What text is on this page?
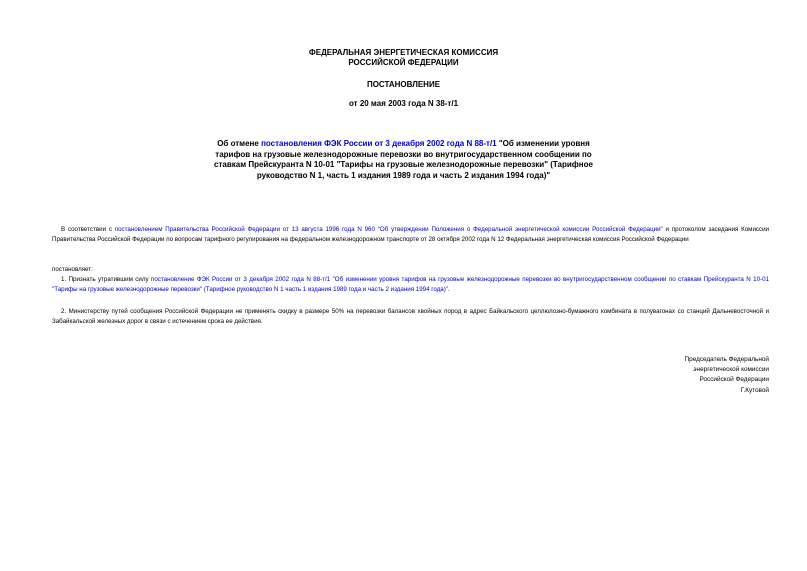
ФЕДЕРАЛЬНАЯ ЭНЕРГЕТИЧЕСКАЯ КОМИССИЯ
РОССИЙСКОЙ ФЕДЕРАЦИИ
ПОСТАНОВЛЕНИЕ
от 20 мая 2003 года N 38-т/1
Об отмене постановления ФЭК России от 3 декабря 2002 года N 88-т/1 "Об изменении уровня тарифов на грузовые железнодорожные перевозки во внутригосударственном сообщении по ставкам Прейскуранта N 10-01 "Тарифы на грузовые железнодорожные перевозки" (Тарифное руководство N 1, часть 1 издания 1989 года и часть 2 издания 1994 года)"
В соответствии с постановлением Правительства Российской Федерации от 13 августа 1996 года N 960 "Об утверждении Положения о Федеральной энергетической комиссии Российской Федерации" и протоколом заседания Комиссии Правительства Российской Федерации по вопросам тарифного регулирования на федеральном железнодорожном транспорте от 28 октября 2002 года N 12 Федеральная энергетическая комиссия Российской Федерации
постановляет:
1. Признать утратившим силу постановление ФЭК России от 3 декабря 2002 года N 88-т/1 "Об изменении уровня тарифов на грузовые железнодорожные перевозки во внутригосударственном сообщении по ставкам Прейскуранта N 10-01 "Тарифы на грузовые железнодорожные перевозки" (Тарифное руководство N 1 часть 1 издания 1989 года и часть 2 издания 1994 года)".
2. Министерству путей сообщения Российской Федерации не применять скидку в размере 50% на перевозки балансов хвойных пород в адрес Байкальского целлюлозно-бумажного комбината в полувагонах со станций Дальневосточной и Забайкальской железных дорог в связи с истечением срока ее действия.
Председатель Федеральной
энергетической комиссии
Российской Федерации
Г.Кутовой
